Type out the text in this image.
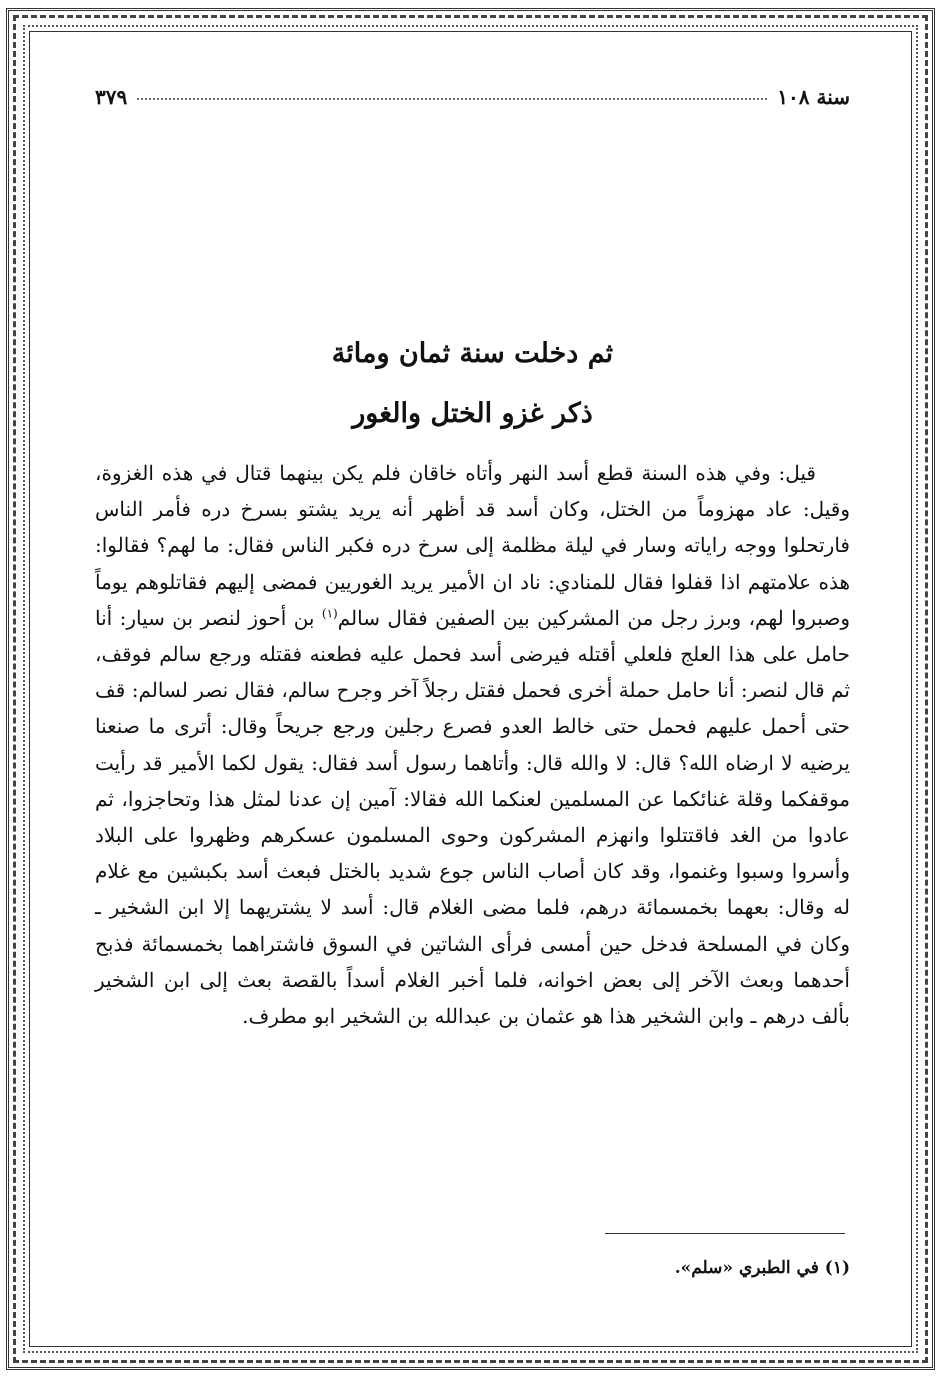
سنة ١٠٨
٣٧٩
ثم دخلت سنة ثمان ومائة
ذكر غزو الختل والغور

قيل: وفي هذه السنة قطع أسد النهر وأتاه خاقان فلم يكن بينهما قتال في هذه الغزوة، وقيل: عاد مهزوماً من الختل، وكان أسد قد أظهر أنه يريد يشتو بسرخ دره فأمر الناس فارتحلوا ووجه راياته وسار في ليلة مظلمة إلى سرخ دره فكبر الناس فقال: ما لهم؟ فقالوا: هذه علامتهم اذا قفلوا فقال للمنادي: ناد ان الأمير يريد الغوريين فمضى إليهم فقاتلوهم يوماً وصبروا لهم، وبرز رجل من المشركين بين الصفين فقال سالم$^{(١)}$ بن أحوز لنصر بن سيار: أنا حامل على هذا العلج فلعلي أقتله فيرضى أسد فحمل عليه فطعنه فقتله ورجع سالم فوقف، ثم قال لنصر: أنا حامل حملة أخرى فحمل فقتل رجلاً آخر وجرح سالم، فقال نصر لسالم: قف حتى أحمل عليهم فحمل حتى خالط العدو فصرع رجلين ورجع جريحاً وقال: أترى ما صنعنا يرضيه لا ارضاه الله؟ قال: لا والله قال: وأتاهما رسول أسد فقال: يقول لكما الأمير قد رأيت موقفكما وقلة غنائكما عن المسلمين لعنكما الله فقالا: آمين إن عدنا لمثل هذا وتحاجزوا، ثم عادوا من الغد فاقتتلوا وانهزم المشركون وحوى المسلمون عسكرهم وظهروا على البلاد وأسروا وسبوا وغنموا، وقد كان أصاب الناس جوع شديد بالختل فبعث أسد بكبشين مع غلام له وقال: بعهما بخمسمائة درهم، فلما مضى الغلام قال: أسد لا يشتريهما إلا ابن الشخير ـ وكان في المسلحة فدخل حين أمسى فرأى الشاتين في السوق فاشتراهما بخمسمائة فذبح أحدهما وبعث الآخر إلى بعض اخوانه، فلما أخبر الغلام أسداً بالقصة بعث إلى ابن الشخير بألف درهم ـ وابن الشخير هذا هو عثمان بن عبدالله بن الشخير ابو مطرف.

(١) في الطبري «سلم».
